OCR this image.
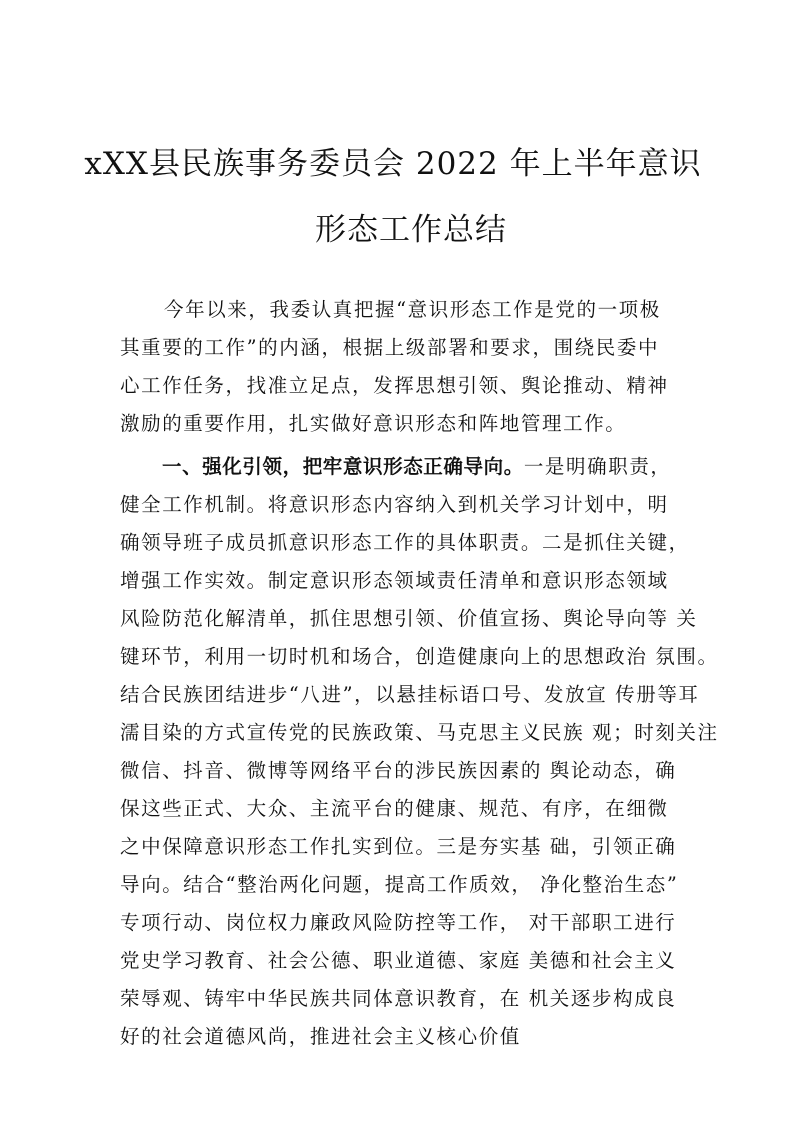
xXX县民族事务委员会 2022 年上半年意识
形态工作总结
今年以来，我委认真把握“意识形态工作是党的一项极
其重要的工作”的内涵，根据上级部署和要求，围绕民委中
心工作任务，找准立足点，发挥思想引领、舆论推动、精神
激励的重要作用，扎实做好意识形态和阵地管理工作。
一、强化引领，把牢意识形态正确导向。一是明确职责，
健全工作机制。将意识形态内容纳入到机关学习计划中，明
确领导班子成员抓意识形态工作的具体职责。二是抓住关键，
增强工作实效。制定意识形态领域责任清单和意识形态领域
风险防范化解清单，抓住思想引领、价值宣扬、舆论导向等 关
键环节，利用一切时机和场合，创造健康向上的思想政治 氛围。
结合民族团结进步“八进”，以悬挂标语口号、发放宣 传册等耳
濡目染的方式宣传党的民族政策、马克思主义民族 观；时刻关注
微信、抖音、微博等网络平台的涉民族因素的 舆论动态，确
保这些正式、大众、主流平台的健康、规范、有序，在细微
之中保障意识形态工作扎实到位。三是夯实基 础，引领正确
导向。结合“整治两化问题，提高工作质效， 净化整治生态”
专项行动、岗位权力廉政风险防控等工作， 对干部职工进行
党史学习教育、社会公德、职业道德、家庭 美德和社会主义
荣辱观、铸牢中华民族共同体意识教育，在 机关逐步构成良
好的社会道德风尚，推进社会主义核心价值
